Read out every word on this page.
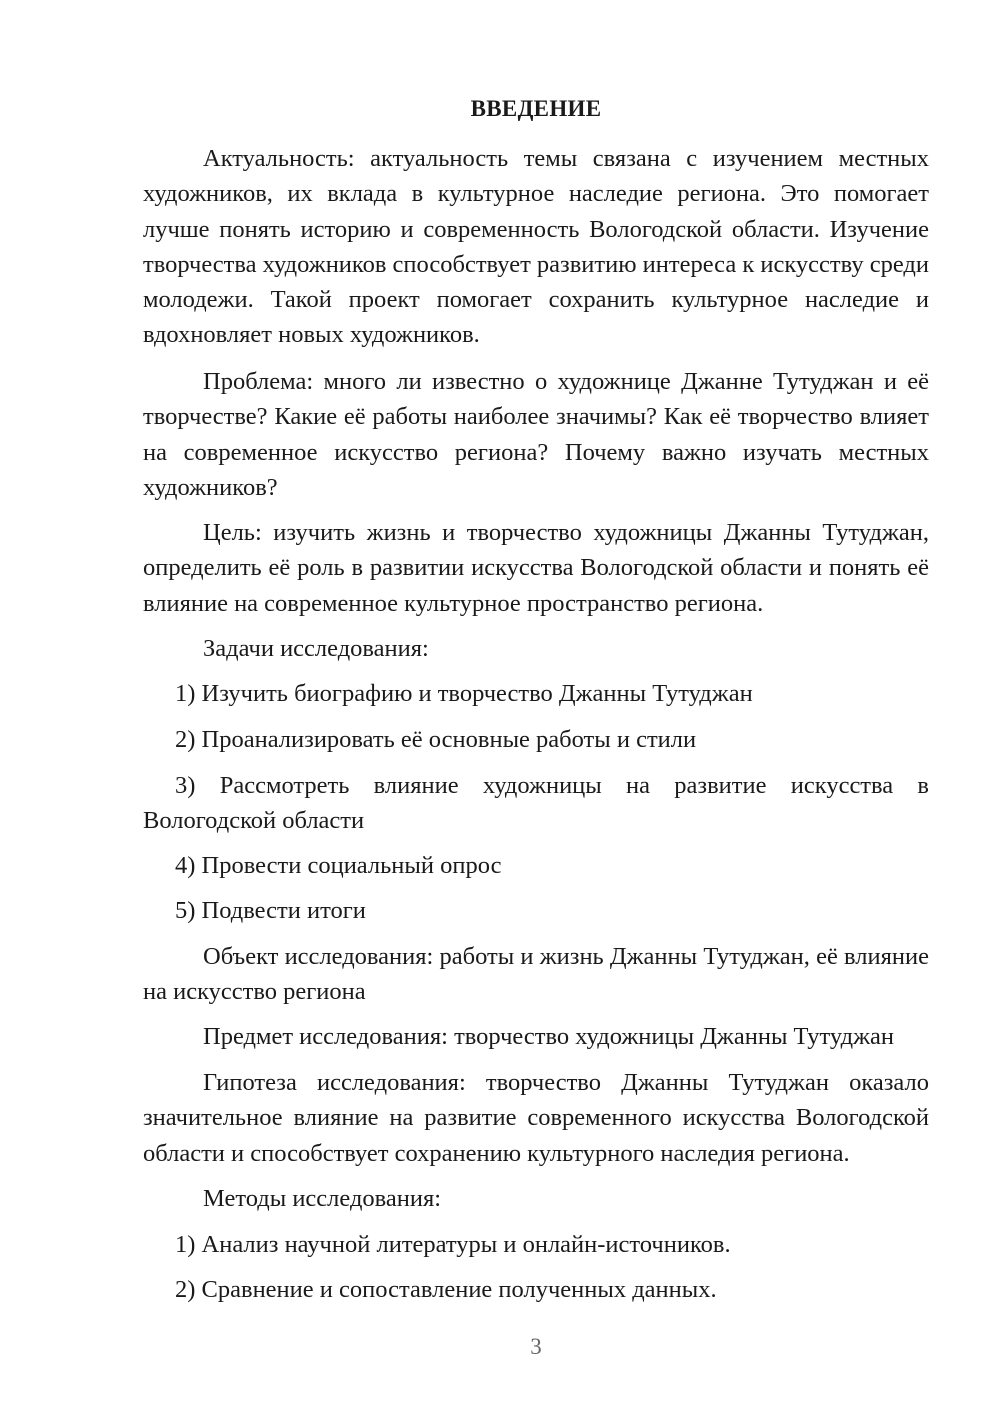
ВВЕДЕНИЕ

Актуальность: актуальность темы связана с изучением местных художников, их вклада в культурное наследие региона. Это помогает лучше понять историю и современность Вологодской области. Изучение творчества художников способствует развитию интереса к искусству среди молодежи. Такой проект помогает сохранить культурное наследие и вдохновляет новых художников.

Проблема: много ли известно о художнице Джанне Тутуджан и её творчестве? Какие её работы наиболее значимы? Как её творчество влияет на современное искусство региона? Почему важно изучать местных художников?

Цель: изучить жизнь и творчество художницы Джанны Тутуджан, определить её роль в развитии искусства Вологодской области и понять её влияние на современное культурное пространство региона.

Задачи исследования:

1) Изучить биографию и творчество Джанны Тутуджан
2) Проанализировать её основные работы и стили

3) Рассмотреть влияние художницы на развитие искусства в Вологодской области

4) Провести социальный опрос
5) Подвести итоги

Объект исследования: работы и жизнь Джанны Тутуджан, её влияние на искусство региона

Предмет исследования: творчество художницы Джанны Тутуджан

Гипотеза исследования: творчество Джанны Тутуджан оказало значительное влияние на развитие современного искусства Вологодской области и способствует сохранению культурного наследия региона.

Методы исследования:

1) Анализ научной литературы и онлайн-источников.
2) Сравнение и сопоставление полученных данных.
3
